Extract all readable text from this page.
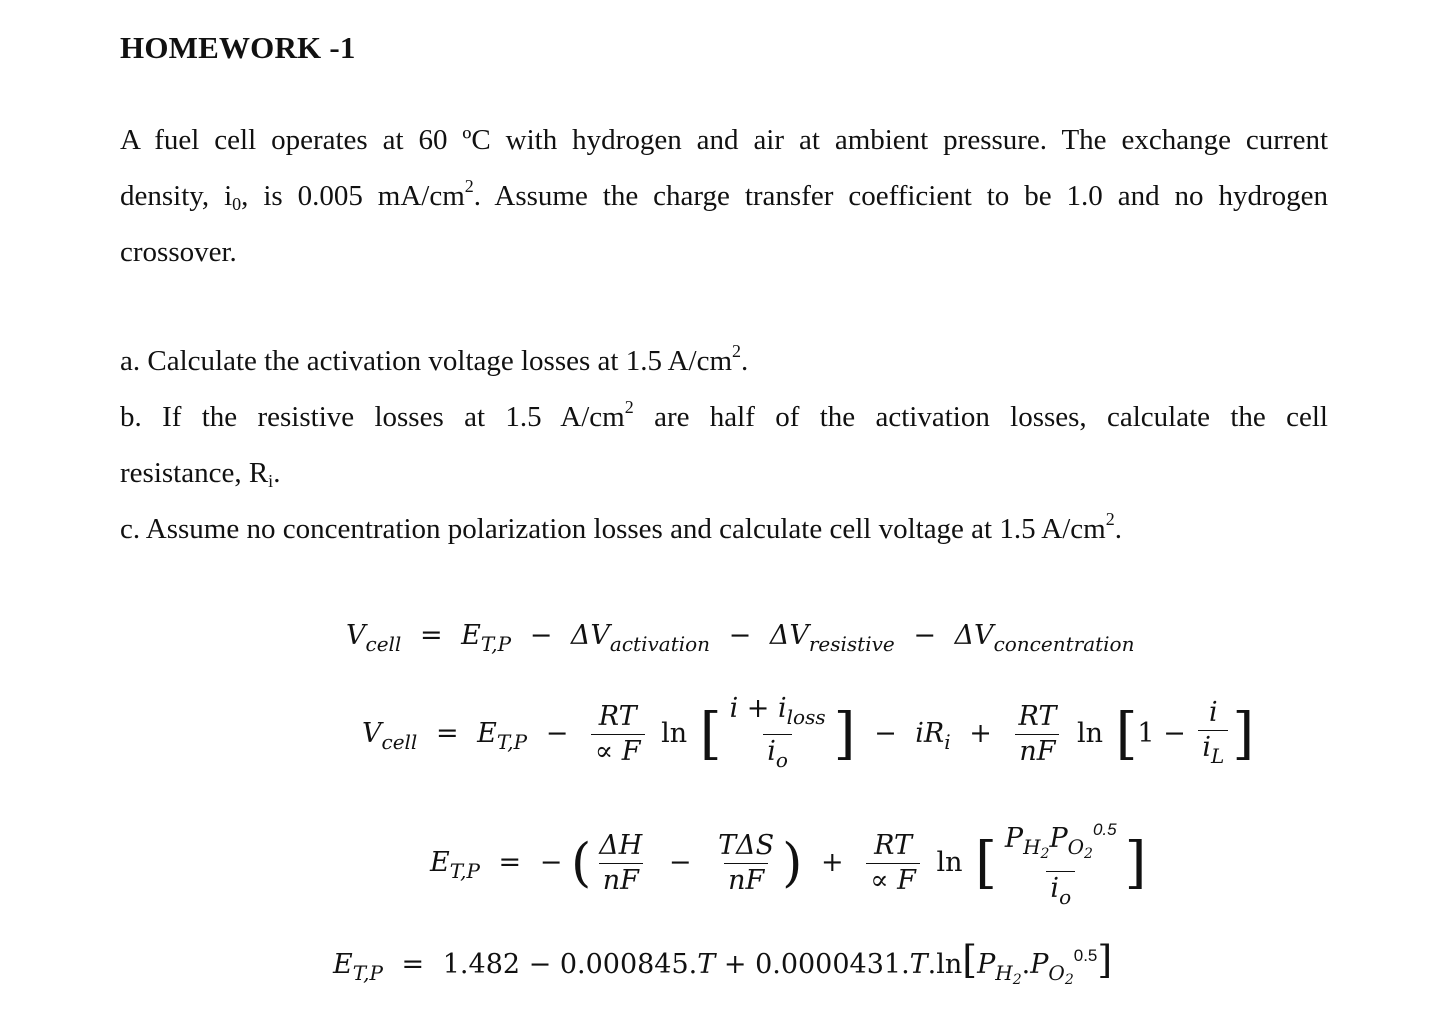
HOMEWORK -1
A fuel cell operates at 60 ºC with hydrogen and air at ambient pressure. The exchange current
density, $i_0$, is 0.005 $mA/cm^2$. Assume the charge transfer coefficient to be 1.0 and no hydrogen
crossover.
a. Calculate the activation voltage losses at 1.5 $A/cm^2$.
b. If the resistive losses at 1.5 $A/cm^2$ are half of the activation losses, calculate the cell
resistance, $R_i$.
c. Assume no concentration polarization losses and calculate cell voltage at 1.5 $A/cm^2$.
$V_{cell} = E_{T,P} - \Delta V_{activation} - \Delta V_{resistive} - \Delta V_{concentration}$
$V_{cell} = E_{T,P} - \frac{RT}{\propto F}$ ln [ $\frac{i + i_{loss}}{i_o}$ ] − $iR_i + \frac{RT}{nF}$ $\ln [1 - \frac{i}{i_L}$ ]
$E_{T,P}$ = − ( $\frac{\Delta H}{nF} - \frac{\text{TΔS}}{nF}$ ) + $\frac{RT}{\propto F}$ ln [ $\frac{P_{H_2}P_{O_2}^{0.5}}{i_o}$ ]
$E_{T,P} = 1.482 - 0.000845.T + 0.0000431.T.\ln[P_{H_2}.P_{O_2}^{0.5}]$
